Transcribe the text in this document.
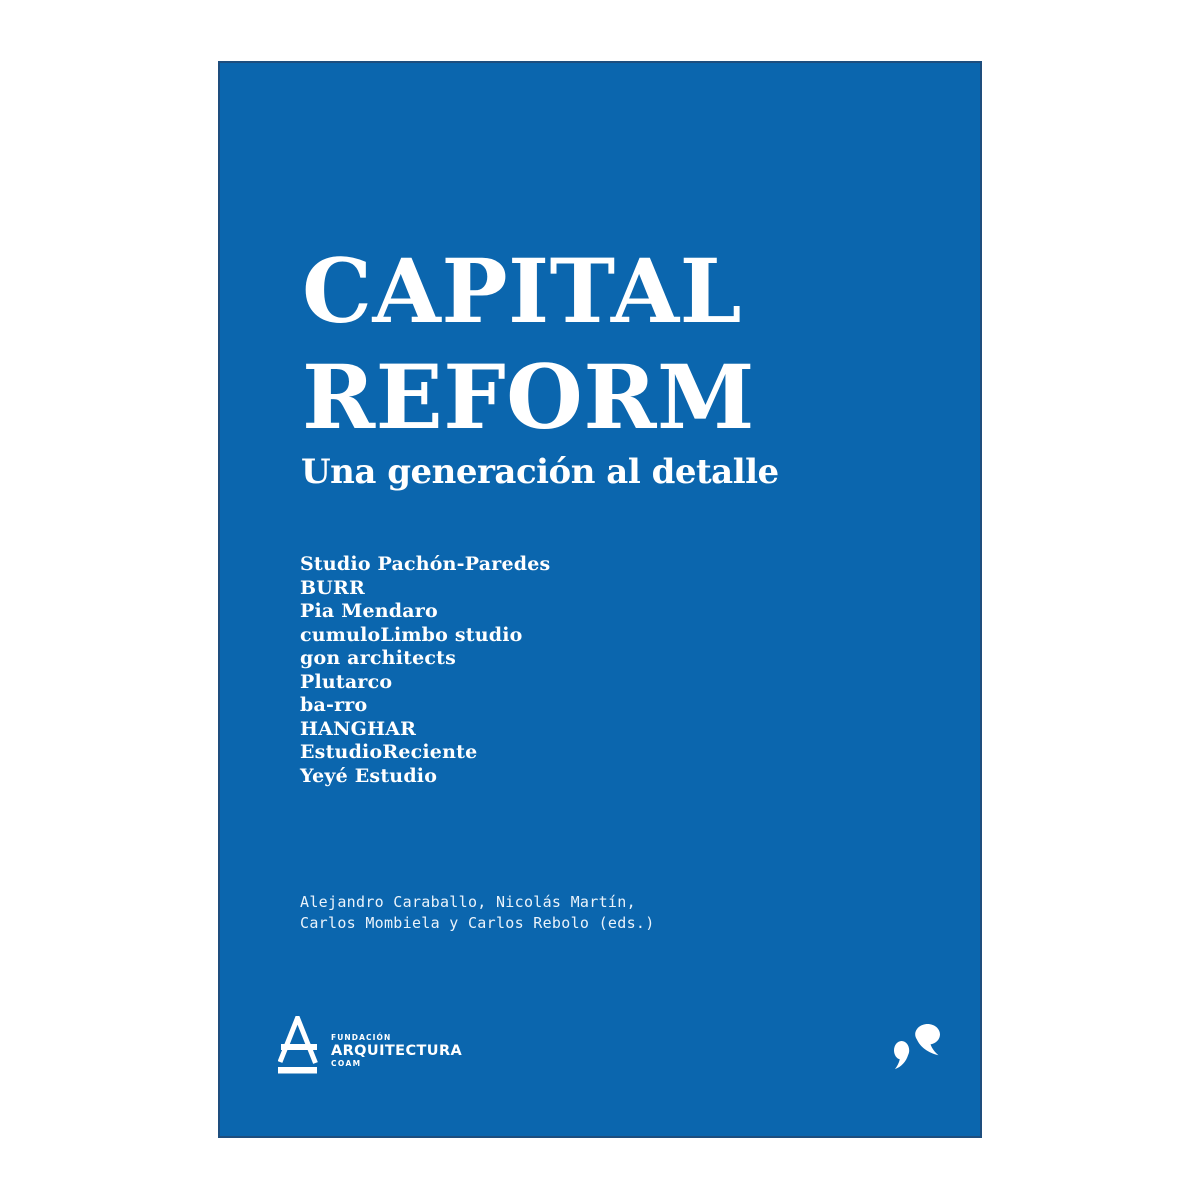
CAPITAL
REFORM
Una generación al detalle
Studio Pachón-Paredes
BURR
Pia Mendaro
cumuloLimbo studio
gon architects
Plutarco
ba-rro
HANGHAR
EstudioReciente
Yeyé Estudio
Alejandro Caraballo, Nicolás Martín,
Carlos Mombiela y Carlos Rebolo (eds.)
FUNDACIÓN
ARQUITECTURA
COAM
